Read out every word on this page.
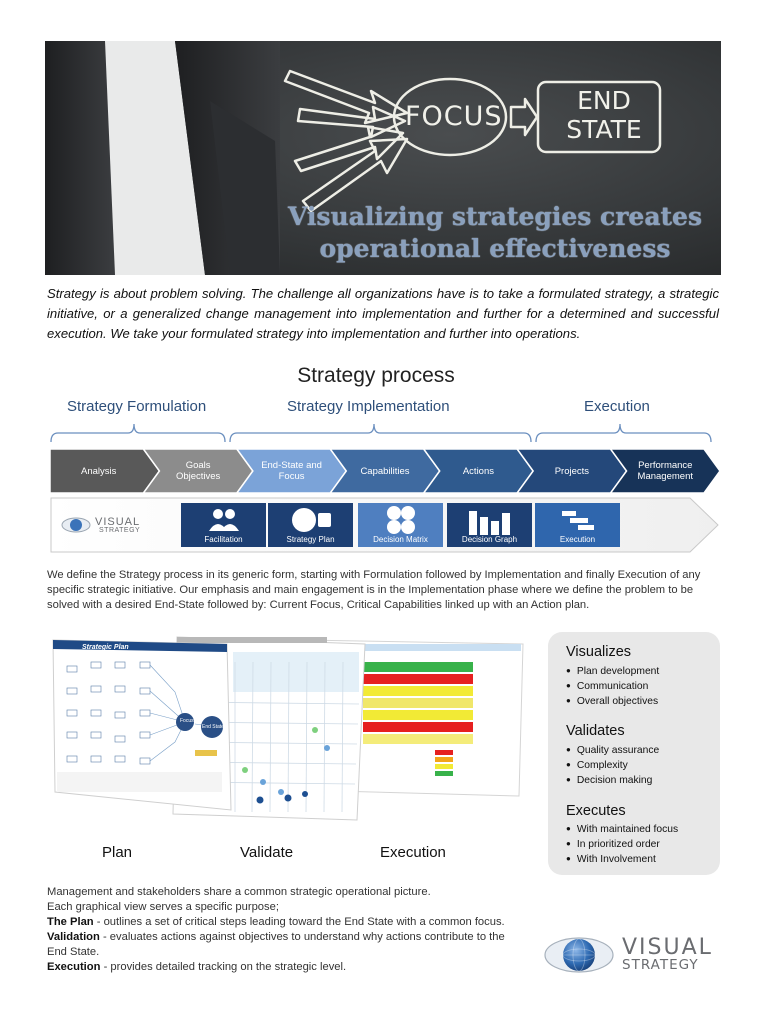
FOCUS
END
STATE
Visualizing strategies creates
operational effectiveness
Strategy is about problem solving. The challenge all organizations have is to take a formulated strategy, a strategic initiative, or a generalized change management into implementation and further for a determined and successful execution. We take your formulated strategy into implementation and further into operations.
Strategy process
Strategy Formulation	Strategy Implementation	Execution
Analysis
Goals
Objectives
End-State and
Focus	Capabilities	Actions	Projects
Performance
Management
VISUAL
STRATEGY
Facilitation	Strategy Plan	Decision Matrix	Decision Graph	Execution
We define the Strategy process in its generic form, starting with Formulation followed by Implementation and finally Execution of any specific strategic initiative. Our emphasis and main engagement is in the Implementation phase where we define the problem to be solved with a desired End-State followed by: Current Focus, Critical Capabilities linked up with an Action plan.
Strategic Plan
Focus
End State
Plan	Validate	Execution
Visualizes
● Plan development
● Communication
● Overall objectives
Validates
● Quality assurance
● Complexity
● Decision making
Executes
● With maintained focus
● In prioritized order
● With Involvement
Management and stakeholders share a common strategic operational picture.
Each graphical view serves a specific purpose;
The Plan - outlines a set of critical steps leading toward the End State with a common focus.
Validation - evaluates actions against objectives to understand why actions contribute to the End State.
Execution - provides detailed tracking on the strategic level.
VISUAL
STRATEGY
